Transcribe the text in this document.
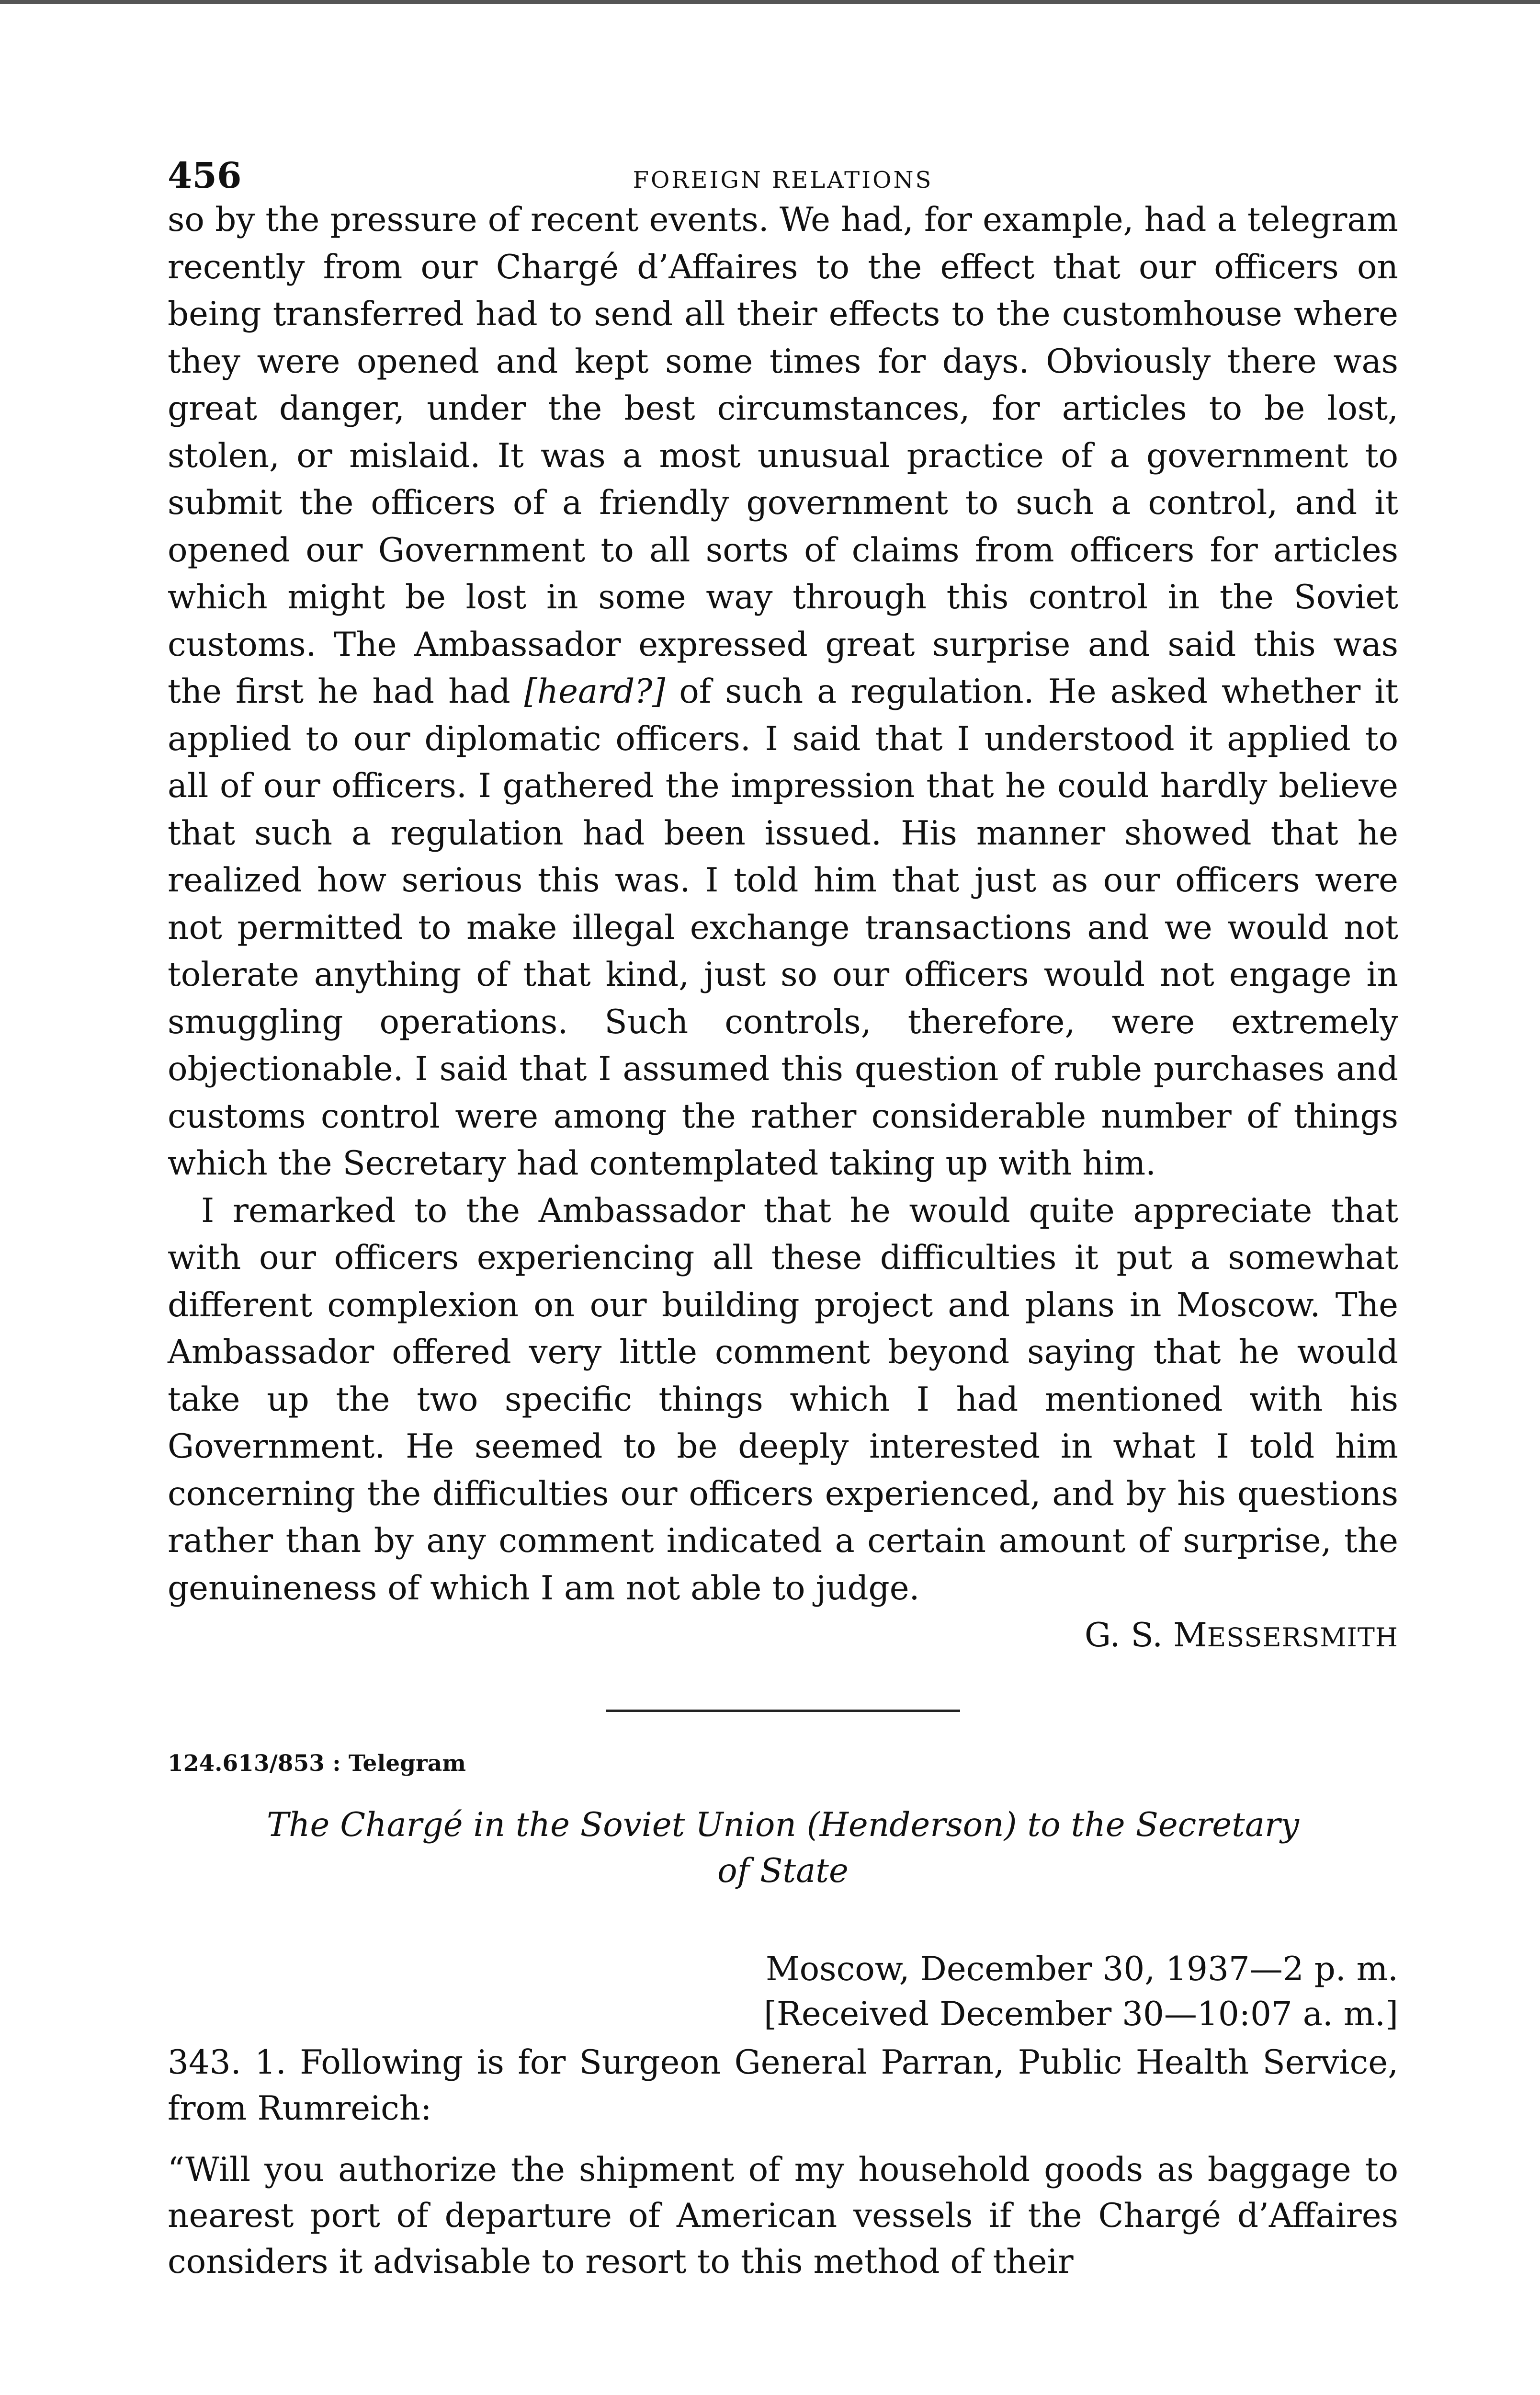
456	FOREIGN RELATIONS

so by the pressure of recent events. We had, for example, had a telegram recently from our Chargé d’Affaires to the effect that our officers on being transferred had to send all their effects to the customhouse where they were opened and kept some times for days. Obviously there was great danger, under the best circumstances, for articles to be lost, stolen, or mislaid. It was a most unusual practice of a government to submit the officers of a friendly government to such a control, and it opened our Government to all sorts of claims from officers for articles which might be lost in some way through this control in the Soviet customs. The Ambassador expressed great surprise and said this was the first he had had [heard?] of such a regulation. He asked whether it applied to our diplomatic officers. I said that I understood it applied to all of our officers. I gathered the impression that he could hardly believe that such a regulation had been issued. His manner showed that he realized how serious this was. I told him that just as our officers were not permitted to make illegal exchange transactions and we would not tolerate anything of that kind, just so our officers would not engage in smuggling operations. Such controls, therefore, were extremely objectionable. I said that I assumed this question of ruble purchases and customs control were among the rather considerable number of things which the Secretary had contemplated taking up with him.

I remarked to the Ambassador that he would quite appreciate that with our officers experiencing all these difficulties it put a somewhat different complexion on our building project and plans in Moscow. The Ambassador offered very little comment beyond saying that he would take up the two specific things which I had mentioned with his Government. He seemed to be deeply interested in what I told him concerning the difficulties our officers experienced, and by his questions rather than by any comment indicated a certain amount of surprise, the genuineness of which I am not able to judge.

G. S. MESSERSMITH

124.613/853 : Telegram
The Chargé in the Soviet Union (Henderson) to the Secretary
of State
Moscow, December 30, 1937—2 p. m.
[Received December 30—10:07 a. m.]

343. 1. Following is for Surgeon General Parran, Public Health Service, from Rumreich:

“Will you authorize the shipment of my household goods as baggage to nearest port of departure of American vessels if the Chargé d’Affaires considers it advisable to resort to this method of their
